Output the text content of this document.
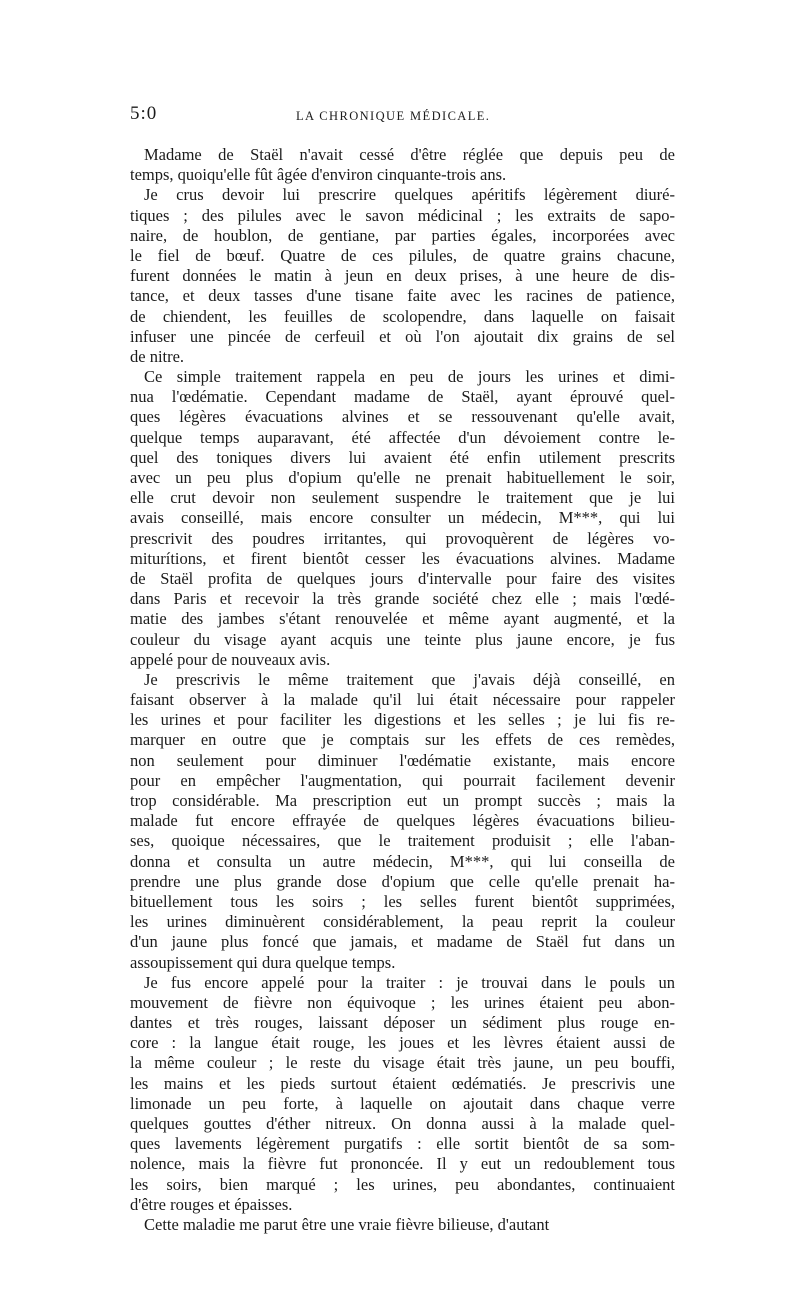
5:0	LA CHRONIQUE MÉDICALE.

Madame de Staël n'avait cessé d'être réglée que depuis peu de
temps, quoiqu'elle fût âgée d'environ cinquante-trois ans.

Je crus devoir lui prescrire quelques apéritifs légèrement diuré-
tiques ; des pilules avec le savon médicinal ; les extraits de sapo-
naire, de houblon, de gentiane, par parties égales, incorporées avec
le fiel de bœuf. Quatre de ces pilules, de quatre grains chacune,
furent données le matin à jeun en deux prises, à une heure de dis-
tance, et deux tasses d'une tisane faite avec les racines de patience,
de chiendent, les feuilles de scolopendre, dans laquelle on faisait
infuser une pincée de cerfeuil et où l'on ajoutait dix grains de sel
de nitre.

Ce simple traitement rappela en peu de jours les urines et dimi-
nua l'œdématie. Cependant madame de Staël, ayant éprouvé quel-
ques légères évacuations alvines et se ressouvenant qu'elle avait,
quelque temps auparavant, été affectée d'un dévoiement contre le-
quel des toniques divers lui avaient été enfin utilement prescrits
avec un peu plus d'opium qu'elle ne prenait habituellement le soir,
elle crut devoir non seulement suspendre le traitement que je lui
avais conseillé, mais encore consulter un médecin, M***, qui lui
prescrivit des poudres irritantes, qui provoquèrent de légères vo-
miturítions, et firent bientôt cesser les évacuations alvines. Madame
de Staël profita de quelques jours d'intervalle pour faire des visites
dans Paris et recevoir la très grande société chez elle ; mais l'œdé-
matie des jambes s'étant renouvelée et même ayant augmenté, et la
couleur du visage ayant acquis une teinte plus jaune encore, je fus
appelé pour de nouveaux avis.

Je prescrivis le même traitement que j'avais déjà conseillé, en
faisant observer à la malade qu'il lui était nécessaire pour rappeler
les urines et pour faciliter les digestions et les selles ; je lui fis re-
marquer en outre que je comptais sur les effets de ces remèdes,
non seulement pour diminuer l'œdématie existante, mais encore
pour en empêcher l'augmentation, qui pourrait facilement devenir
trop considérable. Ma prescription eut un prompt succès ; mais la
malade fut encore effrayée de quelques légères évacuations bilieu-
ses, quoique nécessaires, que le traitement produisit ; elle l'aban-
donna et consulta un autre médecin, M***, qui lui conseilla de
prendre une plus grande dose d'opium que celle qu'elle prenait ha-
bituellement tous les soirs ; les selles furent bientôt supprimées,
les urines diminuèrent considérablement, la peau reprit la couleur
d'un jaune plus foncé que jamais, et madame de Staël fut dans un
assoupissement qui dura quelque temps.

Je fus encore appelé pour la traiter : je trouvai dans le pouls un
mouvement de fièvre non équivoque ; les urines étaient peu abon-
dantes et très rouges, laissant déposer un sédiment plus rouge en-
core : la langue était rouge, les joues et les lèvres étaient aussi de
la même couleur ; le reste du visage était très jaune, un peu bouffi,
les mains et les pieds surtout étaient œdématiés. Je prescrivis une
limonade un peu forte, à laquelle on ajoutait dans chaque verre
quelques gouttes d'éther nitreux. On donna aussi à la malade quel-
ques lavements légèrement purgatifs : elle sortit bientôt de sa som-
nolence, mais la fièvre fut prononcée. Il y eut un redoublement tous
les soirs, bien marqué ; les urines, peu abondantes, continuaient
d'être rouges et épaisses.

Cette maladie me parut être une vraie fièvre bilieuse, d'autant
